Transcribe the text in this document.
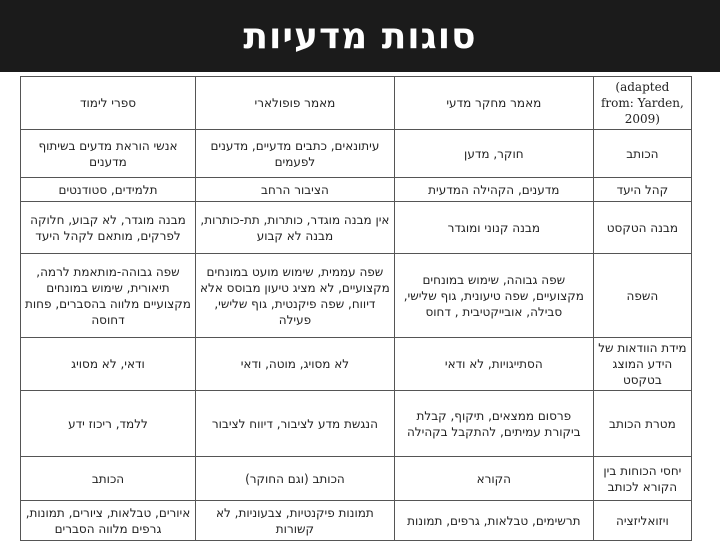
סוגות מדעיות
(adapted from: Yarden, 2009)	מאמר מחקר מדעי	מאמר פופולארי	ספרי לימוד
הכותב	חוקר, מדען	עיתונאים, כתבים מדעיים, מדענים לפעמים	אנשי הוראת מדעים בשיתוף מדענים
קהל היעד	מדענים, הקהילה המדעית	הציבור הרחב	תלמידים, סטודנטים
מבנה הטקסט	מבנה קנוני ומוגדר	אין מבנה מוגדר, כותרות, תת-כותרות, מבנה לא קבוע	מבנה מוגדר, לא קבוע, חלוקה לפרקים, מותאם לקהל היעד
השפה	שפה גבוהה, שימוש במונחים מקצועיים, שפה טיעונית, גוף שלישי, סבילה, אובייקטיבית , דחוס	שפה עממית, שימוש מועט במונחים מקצועיים, לא מציג טיעון מבוסס אלא דיווח, שפה פיקנטית, גוף שלישי, פעילה	שפה גבוהה-מותאמת לרמה, תיאורית, שימוש במונחים מקצועיים מלווה בהסברים, פחות דחוסה
מידת הוודאות של הידע המוצג בטקסט	הסתייגויות, לא ודאי	לא מסויג, מוטה, ודאי	ודאי, לא מסויג
מטרת הכותב	פרסום ממצאים, תיקוף, קבלת ביקורת עמיתים, להתקבל בקהילה	הנגשת מדע לציבור, דיווח לציבור	ללמד, ריכוז ידע
יחסי הכוחות בין הקורא לכותב	הקורא	הכותב (וגם החוקר)	הכותב
ויזואליזציה	תרשימים, טבלאות, גרפים, תמונות	תמונות פיקנטיות, צבעוניות, לא קשורות	איורים, טבלאות, ציורים, תמונות, גרפים מלווה הסברים
